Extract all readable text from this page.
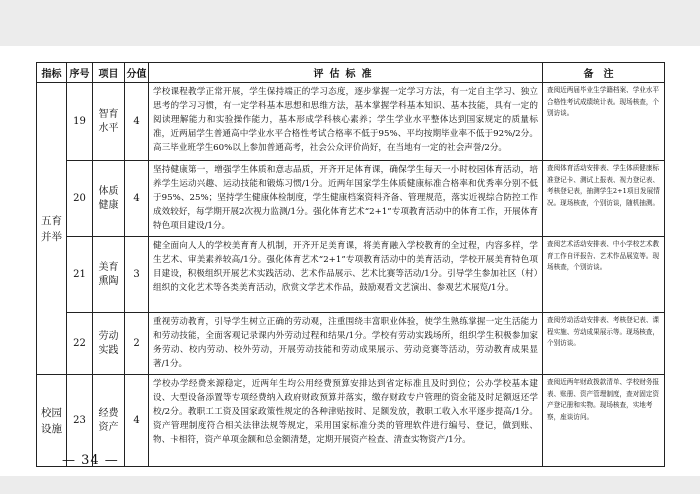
指标	序号	项目	分值	评估标准	备注
五育并举	19	智育水平	4	学校课程教学正常开展，学生保持端正的学习态度，逐步掌握一定学习方法，有一定自主学习、独立思考的学习习惯，有一定学科基本思想和思维方法，基本掌握学科基本知识、基本技能，具有一定的阅读理解能力和实验操作能力，基本形成学科核心素养；学生学业水平整体达到国家规定的质量标准，近两届学生普通高中学业水平合格性考试合格率不低于95%、平均按期毕业率不低于92%/2分。高三毕业班学生60%以上参加普通高考，社会公众评价尚好，在当地有一定的社会声誉/2分。	查阅近两届毕业生学籍档案、学业水平合格性考试成绩统计表。现场核查，个别访谈。
	20	体质健康	4	坚持健康第一，增强学生体质和意志品质，开齐开足体育课，确保学生每天一小时校园体育活动，培养学生运动兴趣、运动技能和锻炼习惯/1分。近两年国家学生体质健康标准合格率和优秀率分别不低于95%、25%；坚持学生健康体检制度，学生健康档案资料齐备、管理规范，落实近视综合防控工作成效较好，每学期开展2次视力监测/1分。强化体育艺术“2+1”专项教育活动中的体育工作，开展体育特色项目建设/1分。	查阅体育活动安排表、学生体质健康标准登记卡、测试上报表、视力登记表、考核登记表，抽测学生2+1项目发展情况。现场核查，个别访谈，随机抽测。
	21	美育熏陶	3	健全面向人人的学校美育育人机制，开齐开足美育课，将美育融入学校教育的全过程，内容多样，学生艺术、审美素养较高/1分。强化体育艺术“2+1”专项教育活动中的美育活动，学校开展美育特色项目建设，积极组织开展艺术实践活动、艺术作品展示、艺术比赛等活动/1分。引导学生参加社区（村）组织的文化艺术等各类美育活动，欣赏文学艺术作品，鼓励观看文艺演出、参观艺术展览/1分。	查阅艺术活动安排表、中小学校艺术教育工作自评报告、艺术作品展览等。现场核查，个别访谈。
	22	劳动实践	2	重视劳动教育，引导学生树立正确的劳动观，注重围绕丰富职业体验，使学生熟练掌握一定生活能力和劳动技能，全面客观记录课内外劳动过程和结果/1分。学校有劳动实践场所，组织学生积极参加家务劳动、校内劳动、校外劳动，开展劳动技能和劳动成果展示、劳动竞赛等活动，劳动教育成果显著/1分。	查阅劳动活动安排表、考核登记表、课程实施、劳动成果展示等。现场核查，个别访谈。
校园设施	23	经费资产	4	学校办学经费来源稳定，近两年生均公用经费预算安排达到省定标准且及时到位；公办学校基本建设、大型设备添置等专项经费纳入政府财政预算并落实，缴存财政专户管理的资金能及时足额返还学校/2分。教职工工资及国家政策性规定的各种津贴按时、足额发放，教职工收入水平逐步提高/1分。资产管理制度符合相关法律法规等规定，采用国家标准分类的管理软件进行编号、登记，做到账、物、卡相符，资产单项金额和总金额清楚，定期开展资产检查、清查实物资产/1分。	查阅近两年财政拨款清单、学校财务报表、账册、资产管理制度，查对固定资产登记册和实物。现场核查，实地考察，座谈访问。
— 34 —
